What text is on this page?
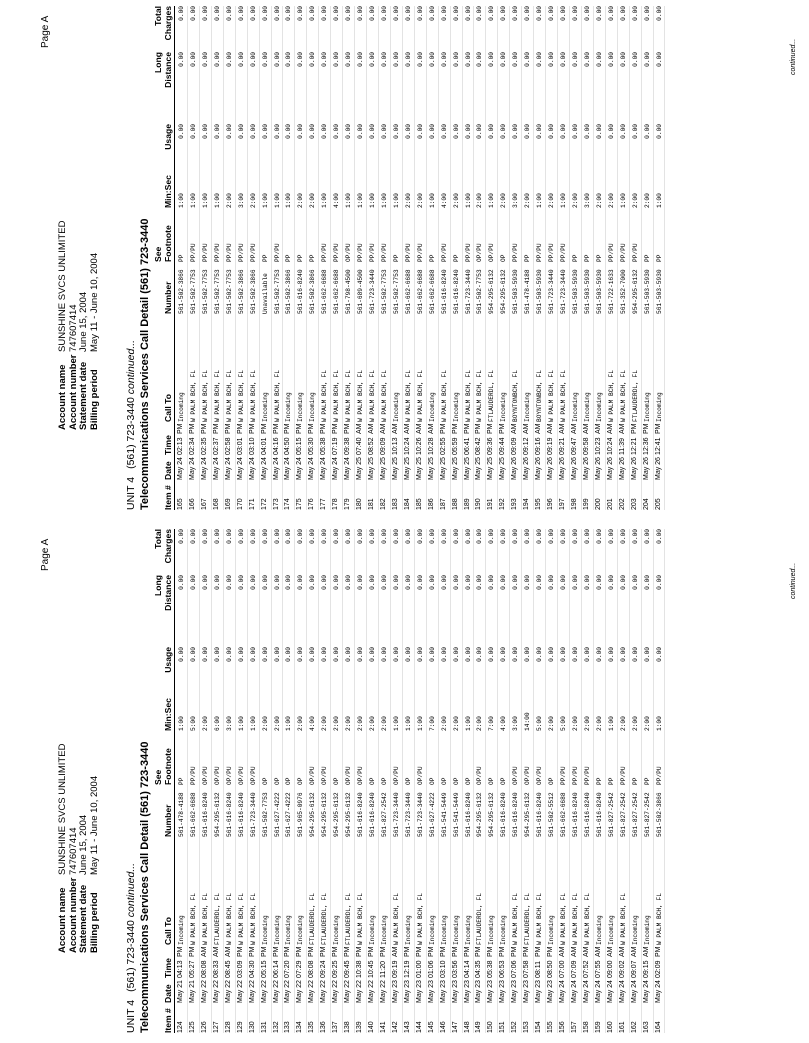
Page A
Account name
SUNSHINE SVCS UNLIMITED
Account number
747607414
Statement date
June 15, 2004
Billing period
May 11 - June 10, 2004
UNIT 4(561) 723-3440 continued... Telecommunications Services Call Detail (561) 723-3440 Item #
Date
Time
Call To
Number
See Footnote
Min:Sec
Usage
Long Distance
Total Charges
124
May 21
04:13
PM
Incoming
561-478-4188
PP
1:00
0.00
0.00
0.00
125
May 21
05:27
PM
W PALM BCH, FL
561-662-6688
PP/PU
5:00
0.00
0.00
0.00
126
May 22
08:08
AM
W PALM BCH, FL
561-616-8240
OP/PU
2:00
0.00
0.00
0.00
127
May 22
08:33
AM
FTLAUDERDL, FL
954-295-6132
OP/PU
6:00
0.00
0.00
0.00
128
May 22
08:45
AM
W PALM BCH, FL
561-616-8240
OP/PU
3:00
0.00
0.00
0.00
129
May 22
03:09
PM
W PALM BCH, FL
561-616-8240
OP/PU
1:00
0.00
0.00
0.00
130
May 22
04:30
PM
W PALM BCH, FL
561-723-3440
OP/PU
1:00
0.00
0.00
0.00
131
May 22
05:15
PM
Incoming
561-502-7753
OP
2:00
0.00
0.00
0.00
132
May 22
06:14
PM
Incoming
561-627-4222
OP
2:00
0.00
0.00
0.00
133
May 22
07:20
PM
Incoming
561-627-4222
OP
1:00
0.00
0.00
0.00
134
May 22
07:29
PM
Incoming
561-965-0976
OP
2:00
0.00
0.00
0.00
135
May 22
08:08
PM
FTLAUDERDL, FL
954-295-6132
OP/PU
4:00
0.00
0.00
0.00
136
May 22
09:24
PM
FTLAUDERDL, FL
954-295-6132
OP/PU
2:00
0.00
0.00
0.00
137
May 22
09:25
PM
Incoming
954-295-6132
OP
2:00
0.00
0.00
0.00
138
May 22
09:45
PM
FTLAUDERDL, FL
954-295-6132
OP/PU
2:00
0.00
0.00
0.00
139
May 22
10:38
PM
W PALM BCH, FL
561-616-8240
OP/PU
2:00
0.00
0.00
0.00
140
May 22
10:45
PM
Incoming
561-616-8240
OP
2:00
0.00
0.00
0.00
141
May 22
11:20
PM
Incoming
561-827-2542
OP
2:00
0.00
0.00
0.00
142
May 23
09:19
AM
W PALM BCH, FL
561-723-3440
OP/PU
1:00
0.00
0.00
0.00
143
May 23
12:19
PM
Incoming
561-723-3440
OP
1:00
0.00
0.00
0.00
144
May 23
01:00
PM
W PALM BCH, FL
561-723-3440
OP/PU
1:00
0.00
0.00
0.00
145
May 23
01:06
PM
Incoming
561-627-4222
OP
7:00
0.00
0.00
0.00
146
May 23
03:10
PM
Incoming
561-541-5449
OP
2:00
0.00
0.00
0.00
147
May 23
03:56
PM
Incoming
561-541-5449
OP
2:00
0.00
0.00
0.00
148
May 23
04:14
PM
Incoming
561-616-8240
OP
1:00
0.00
0.00
0.00
149
May 23
04:35
PM
FTLAUDERDL, FL
954-295-6132
OP/PU
2:00
0.00
0.00
0.00
150
May 23
05:38
PM
Incoming
954-295-6132
OP
7:00
0.00
0.00
0.00
151
May 23
06:53
PM
Incoming
561-616-8240
OP
4:00
0.00
0.00
0.00
152
May 23
07:06
PM
W PALM BCH, FL
561-616-8240
OP/PU
3:00
0.00
0.00
0.00
153
May 23
07:58
PM
FTLAUDERDL, FL
954-295-6132
OP/PU
14:00
0.00
0.00
0.00
154
May 23
08:11
PM
W PALM BCH, FL
561-616-8240
OP/PU
5:00
0.00
0.00
0.00
155
May 23
08:50
PM
Incoming
561-502-5512
OP
2:00
0.00
0.00
0.00
156
May 24
07:00
AM
W PALM BCH, FL
561-662-6688
PP/PU
5:00
0.00
0.00
0.00
157
May 24
07:09
AM
W PALM BCH, FL
561-616-8240
PP/PU
2:00
0.00
0.00
0.00
158
May 24
07:52
AM
W PALM BCH, FL
561-616-8240
PP/PU
2:00
0.00
0.00
0.00
159
May 24
07:55
AM
Incoming
561-616-8240
PP
2:00
0.00
0.00
0.00
160
May 24
09:00
AM
Incoming
561-827-2542
PP
1:00
0.00
0.00
0.00
161
May 24
09:02
AM
W PALM BCH, FL
561-827-2542
PP/PU
2:00
0.00
0.00
0.00
162
May 24
09:07
AM
Incoming
561-827-2542
PP
2:00
0.00
0.00
0.00
163
May 24
09:15
AM
Incoming
561-827-2542
PP
2:00
0.00
0.00
0.00
164
May 24
02:09
PM
W PALM BCH, FL
561-502-3866
PP/PU
1:00
0.00
0.00
0.00
continued...
Page A
Account name
SUNSHINE SVCS UNLIMITED
Account number
747607414
Statement date
June 15, 2004
Billing period
May 11 - June 10, 2004
UNIT 4(561) 723-3440 continued... Telecommunications Services Call Detail (561) 723-3440 Item #
Date
Time
Call To
Number
See Footnote
Min:Sec
Usage
Long Distance
Total Charges
165
May 24
02:13
PM
Incoming
561-502-3866
PP
1:00
0.00
0.00
0.00
166
May 24
02:34
PM
W PALM BCH, FL
561-502-7753
PP/PU
1:00
0.00
0.00
0.00
167
May 24
02:35
PM
W PALM BCH, FL
561-502-7753
PP/PU
1:00
0.00
0.00
0.00
168
May 24
02:37
PM
W PALM BCH, FL
561-502-7753
PP/PU
1:00
0.00
0.00
0.00
169
May 24
02:58
PM
W PALM BCH, FL
561-502-7753
PP/PU
2:00
0.00
0.00
0.00
170
May 24
03:01
PM
W PALM BCH, FL
561-502-3866
PP/PU
3:00
0.00
0.00
0.00
171
May 24
03:10
PM
W PALM BCH, FL
561-502-3866
PP/PU
2:00
0.00
0.00
0.00
172
May 24
04:01
PM
Incoming
Unavailable
PP
1:00
0.00
0.00
0.00
173
May 24
04:16
PM
W PALM BCH, FL
561-502-7753
PP/PU
1:00
0.00
0.00
0.00
174
May 24
04:50
PM
Incoming
561-502-3866
PP
1:00
0.00
0.00
0.00
175
May 24
05:15
PM
Incoming
561-616-8240
PP
2:00
0.00
0.00
0.00
176
May 24
05:30
PM
Incoming
561-502-3866
PP
2:00
0.00
0.00
0.00
177
May 24
05:38
PM
W PALM BCH, FL
561-662-6688
PP/PU
1:00
0.00
0.00
0.00
178
May 24
07:19
PM
W PALM BCH, FL
561-662-6688
PP/PU
4:00
0.00
0.00
0.00
179
May 24
09:38
PM
W PALM BCH, FL
561-798-4500
OP/PU
1:00
0.00
0.00
0.00
180
May 25
07:40
AM
W PALM BCH, FL
561-689-4500
PP/PU
1:00
0.00
0.00
0.00
181
May 25
08:52
AM
W PALM BCH, FL
561-723-3440
PP/PU
1:00
0.00
0.00
0.00
182
May 25
09:09
AM
W PALM BCH, FL
561-502-7753
PP/PU
1:00
0.00
0.00
0.00
183
May 25
10:13
AM
Incoming
561-502-7753
PP
1:00
0.00
0.00
0.00
184
May 25
10:24
AM
W PALM BCH, FL
561-662-6688
PP/PU
2:00
0.00
0.00
0.00
185
May 25
10:26
AM
W PALM BCH, FL
561-662-6688
PP/PU
2:00
0.00
0.00
0.00
186
May 25
10:28
AM
Incoming
561-662-6688
PP
1:00
0.00
0.00
0.00
187
May 25
02:55
PM
W PALM BCH, FL
561-616-8240
PP/PU
4:00
0.00
0.00
0.00
188
May 25
05:59
PM
Incoming
561-616-8240
PP
2:00
0.00
0.00
0.00
189
May 25
06:41
PM
W PALM BCH, FL
561-723-3440
PP/PU
1:00
0.00
0.00
0.00
190
May 25
08:42
PM
W PALM BCH, FL
561-502-7753
OP/PU
2:00
0.00
0.00
0.00
191
May 25
09:36
PM
FTLAUDERDL, FL
954-295-6132
OP/PU
1:00
0.00
0.00
0.00
192
May 25
09:44
PM
Incoming
954-295-6132
OP
2:00
0.00
0.00
0.00
193
May 26
09:09
AM
BOYNTONBCH, FL
561-503-5930
PP/PU
3:00
0.00
0.00
0.00
194
May 26
09:12
AM
Incoming
561-478-4188
PP
2:00
0.00
0.00
0.00
195
May 26
09:16
AM
BOYNTONBCH, FL
561-503-5930
PP/PU
1:00
0.00
0.00
0.00
196
May 26
09:19
AM
W PALM BCH, FL
561-723-3440
PP/PU
2:00
0.00
0.00
0.00
197
May 26
09:21
AM
W PALM BCH, FL
561-723-3440
PP/PU
1:00
0.00
0.00
0.00
198
May 26
09:47
AM
Incoming
561-503-5930
PP
2:00
0.00
0.00
0.00
199
May 26
09:58
AM
Incoming
561-503-5930
PP
3:00
0.00
0.00
0.00
200
May 26
10:23
AM
Incoming
561-503-5930
PP
2:00
0.00
0.00
0.00
201
May 26
10:24
AM
W PALM BCH, FL
561-722-1633
PP/PU
2:00
0.00
0.00
0.00
202
May 26
11:39
AM
W PALM BCH, FL
561-352-7000
PP/PU
1:00
0.00
0.00
0.00
203
May 26
12:21
PM
FTLAUDERDL, FL
954-295-6132
PP/PU
2:00
0.00
0.00
0.00
204
May 26
12:36
PM
Incoming
561-503-5930
PP
2:00
0.00
0.00
0.00
205
May 26
12:41
PM
Incoming
561-503-5930
PP
1:00
0.00
0.00
0.00
continued...
